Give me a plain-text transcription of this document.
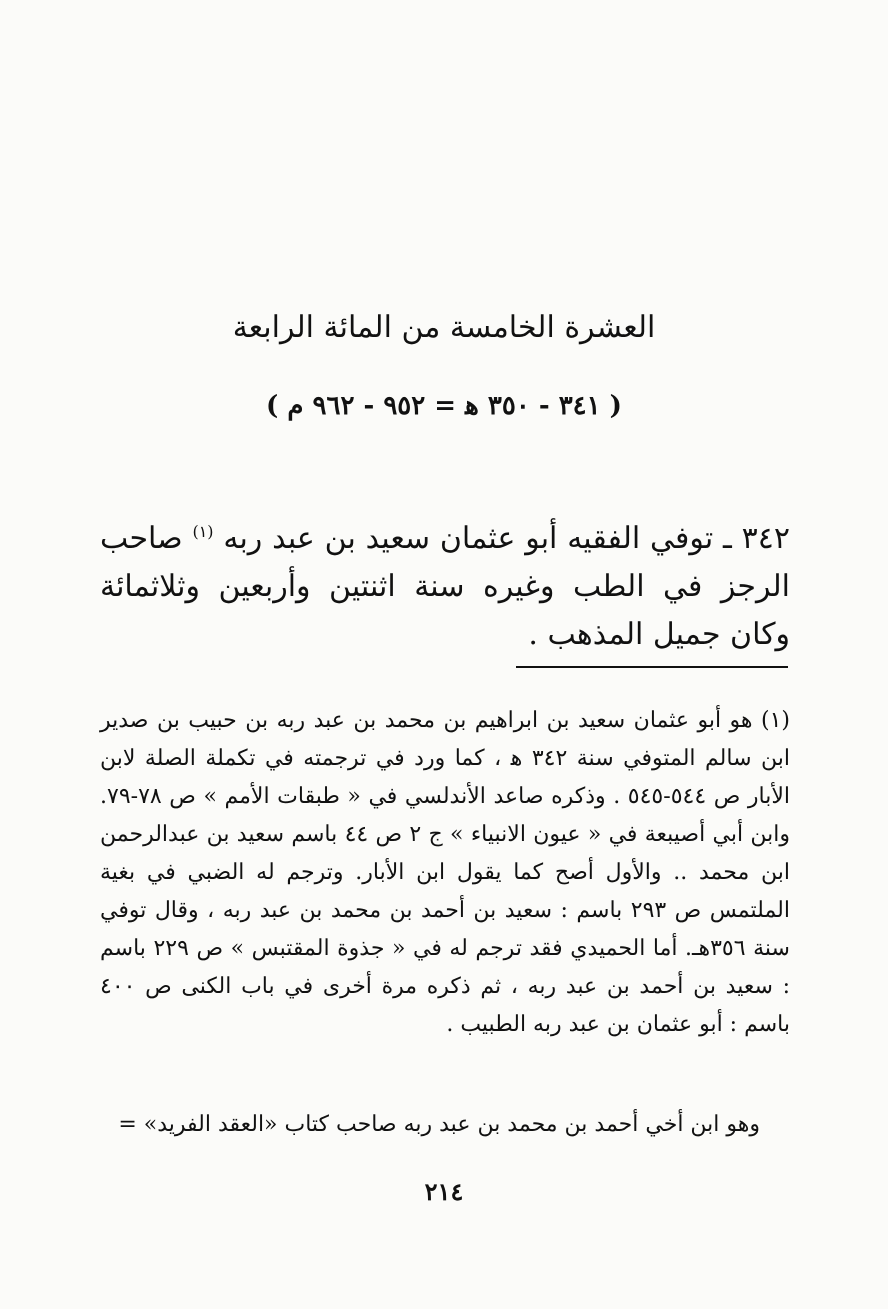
العشرة الخامسة من المائة الرابعة
( ٣٤١ - ٣٥٠ ﻫ = ٩٥٢ - ٩٦٢ م )
٣٤٢ ـ توفي الفقيه أبو عثمان سعيد بن عبد ربه $^{(١)}$ صاحب الرجز في الطب وغيره سنة اثنتين وأربعين وثلاثمائة وكان جميل المذهب .
(١) هو أبو عثمان سعيد بن ابراهيم بن محمد بن عبد ربه بن حبيب بن صدير ابن سالم المتوفي سنة ٣٤٢ ﻫ ، كما ورد في ترجمته في تكملة الصلة لابن الأبار ص ٥٤٤-٥٤٥ . وذكره صاعد الأندلسي في « طبقات الأمم » ص ٧٨-٧٩. وابن أبي أصيبعة في « عيون الانبياء » ج ٢ ص ٤٤ باسم سعيد بن عبدالرحمن ابن محمد .. والأول أصح كما يقول ابن الأبار. وترجم له الضبي في بغية الملتمس ص ٢٩٣ باسم : سعيد بن أحمد بن محمد بن عبد ربه ، وقال توفي سنة ٣٥٦هـ. أما الحميدي فقد ترجم له في « جذوة المقتبس » ص ٢٢٩ باسم : سعيد بن أحمد بن عبد ربه ، ثم ذكره مرة أخرى في باب الكنى ص ٤٠٠ باسم : أبو عثمان بن عبد ربه الطبيب .
وهو ابن أخي أحمد بن محمد بن عبد ربه صاحب كتاب «العقد الفريد» =
٢١٤
